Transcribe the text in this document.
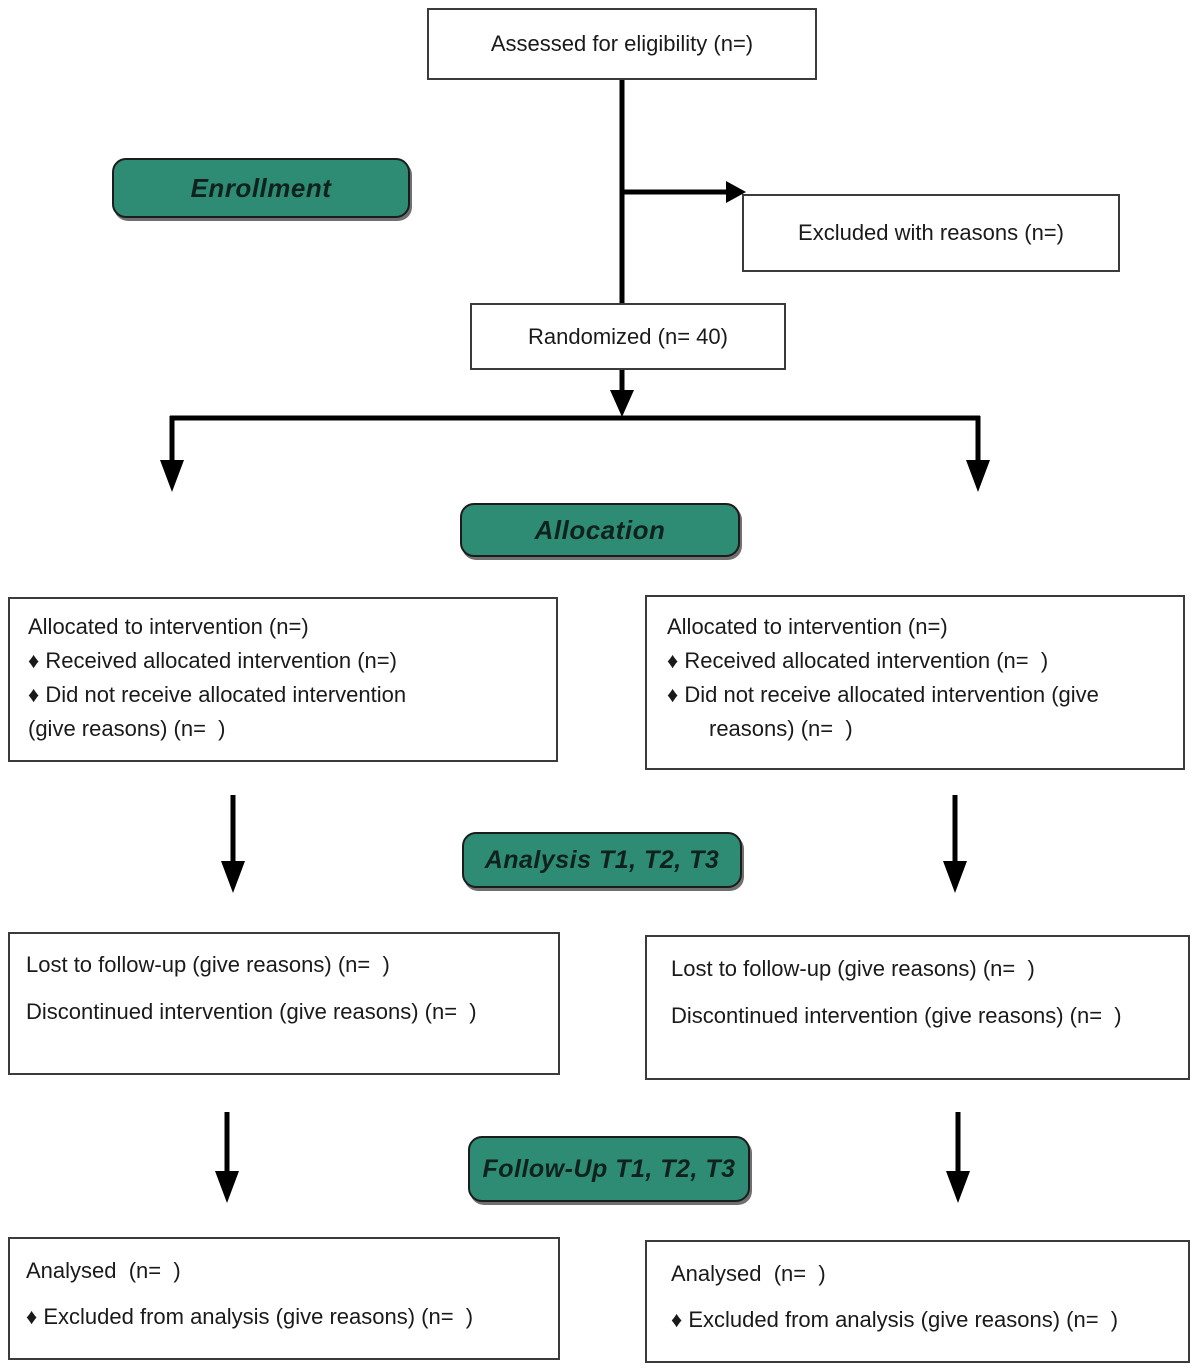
Assessed for eligibility (n=)
Enrollment
Excluded with reasons (n=)
Randomized (n= 40)
Allocation
Allocated to intervention (n=)
♦ Received allocated intervention (n=)
♦ Did not receive allocated intervention
(give reasons) (n=  )
Allocated to intervention (n=)
♦ Received allocated intervention (n=  )
♦ Did not receive allocated intervention (give
reasons) (n=  )
Analysis T1, T2, T3
Lost to follow-up (give reasons) (n=  )
Discontinued intervention (give reasons) (n=  )
Lost to follow-up (give reasons) (n=  )
Discontinued intervention (give reasons) (n=  )
Follow-Up T1, T2, T3
Analysed  (n=  )
♦ Excluded from analysis (give reasons) (n=  )
Analysed  (n=  )
♦ Excluded from analysis (give reasons) (n=  )
